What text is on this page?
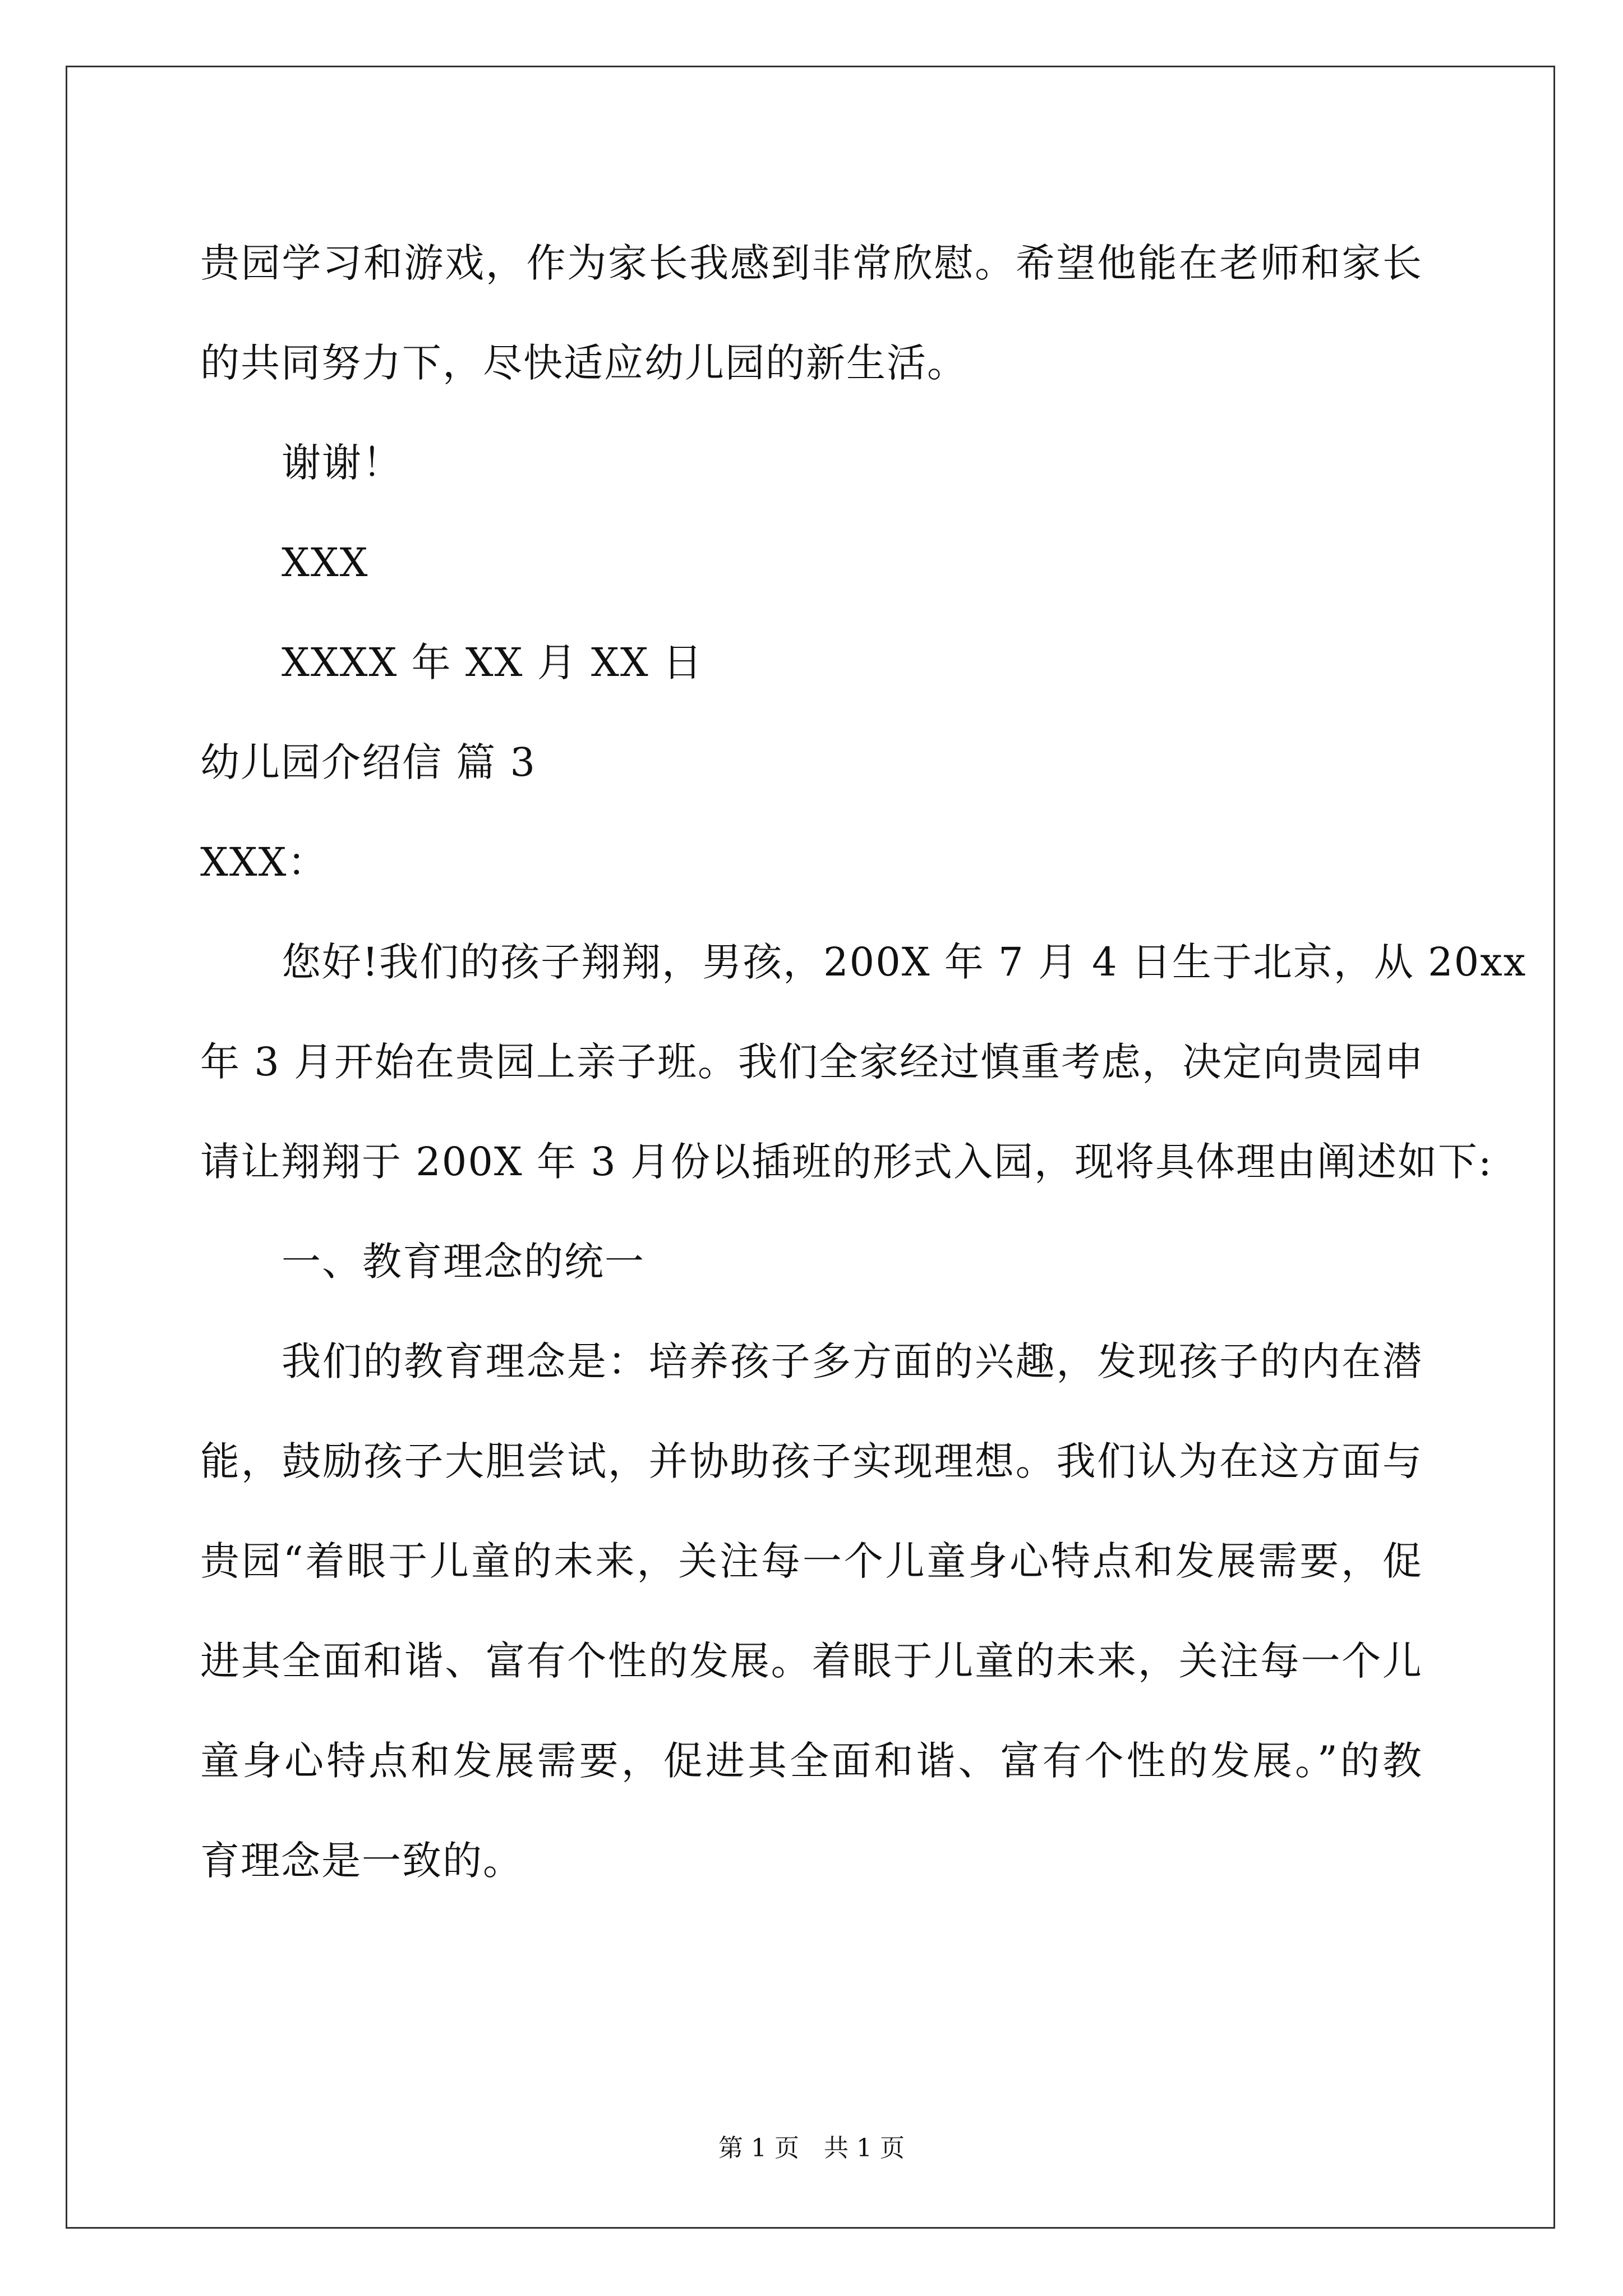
贵园学习和游戏，作为家长我感到非常欣慰。希望他能在老师和家长
的共同努力下，尽快适应幼儿园的新生活。
谢谢！
XXX
XXXX 年 XX 月 XX 日
幼儿园介绍信 篇 3
XXX：
您好!我们的孩子翔翔，男孩，200X 年 7 月 4 日生于北京，从 20xx
年 3 月开始在贵园上亲子班。我们全家经过慎重考虑，决定向贵园申
请让翔翔于 200X 年 3 月份以插班的形式入园，现将具体理由阐述如下:
一、教育理念的统一
我们的教育理念是：培养孩子多方面的兴趣，发现孩子的内在潜
能，鼓励孩子大胆尝试，并协助孩子实现理想。我们认为在这方面与
贵园“着眼于儿童的未来，关注每一个儿童身心特点和发展需要，促
进其全面和谐、富有个性的发展。着眼于儿童的未来，关注每一个儿
童身心特点和发展需要，促进其全面和谐、富有个性的发展。”的教
育理念是一致的。
第 1 页　共 1 页
